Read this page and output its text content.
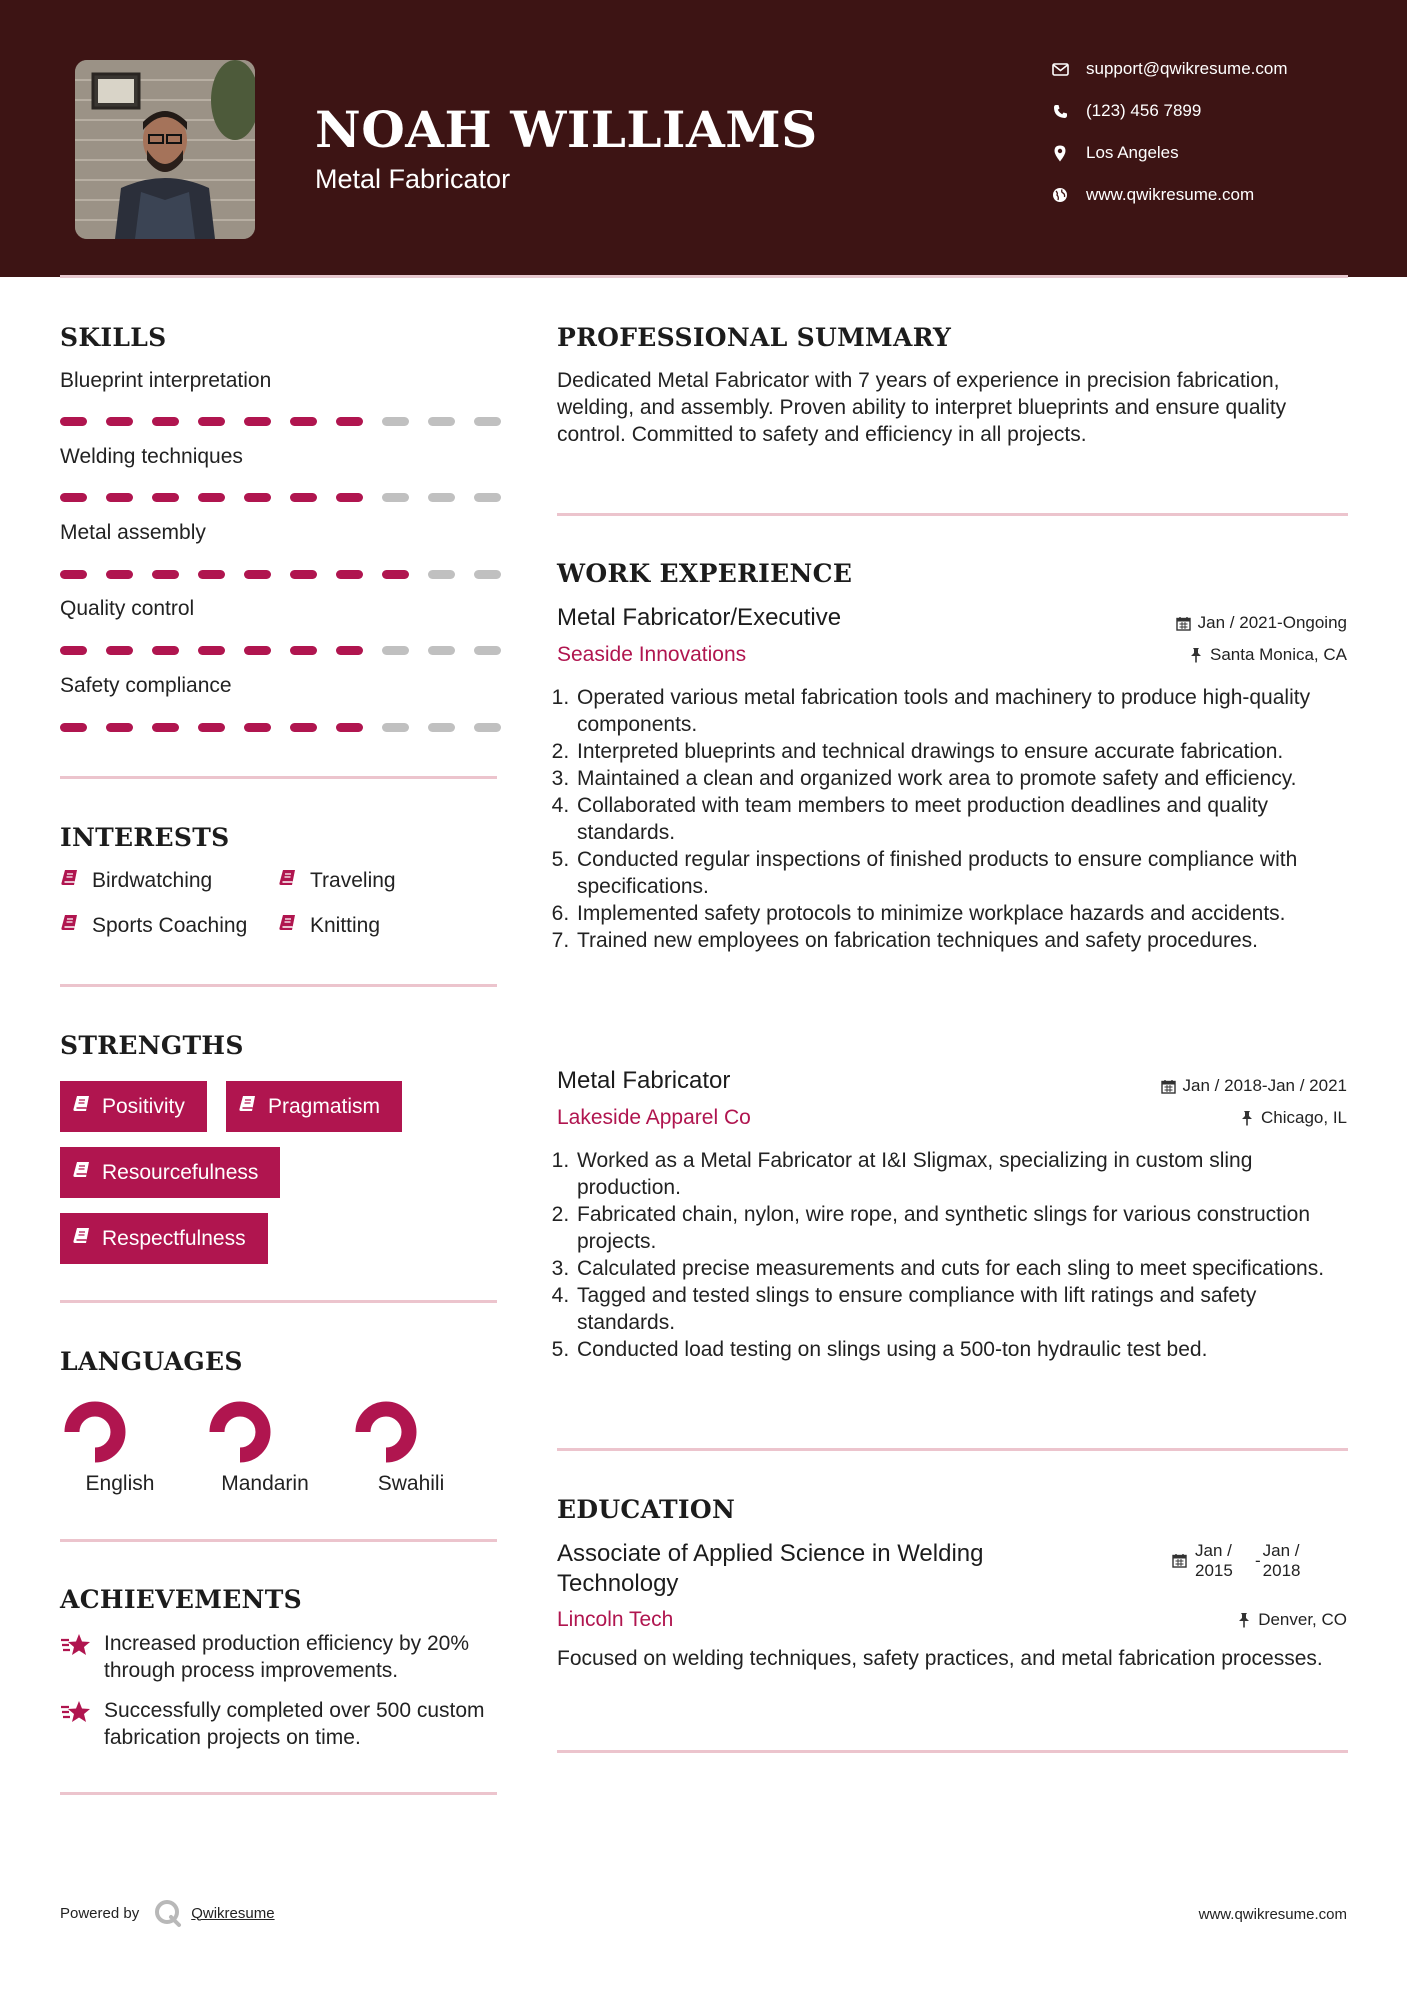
NOAH WILLIAMS
Metal Fabricator
support@qwikresume.com
(123) 456 7899
Los Angeles
www.qwikresume.com
SKILLS
Blueprint interpretation
Welding techniques
Metal assembly
Quality control
Safety compliance
INTERESTS
Birdwatching	Traveling
Sports Coaching	Knitting
STRENGTHS
Positivity	Pragmatism
Resourcefulness
Respectfulness
LANGUAGES
English	Mandarin	Swahili
ACHIEVEMENTS
Increased production efficiency by 20% through process improvements.
Successfully completed over 500 custom fabrication projects on time.
PROFESSIONAL SUMMARY
Dedicated Metal Fabricator with 7 years of experience in precision fabrication, welding, and assembly. Proven ability to interpret blueprints and ensure quality control. Committed to safety and efficiency in all projects.
WORK EXPERIENCE
Metal Fabricator/Executive	Jan / 2021-Ongoing
Seaside Innovations	Santa Monica, CA
1. Operated various metal fabrication tools and machinery to produce high-quality components.
2. Interpreted blueprints and technical drawings to ensure accurate fabrication.
3. Maintained a clean and organized work area to promote safety and efficiency.
4. Collaborated with team members to meet production deadlines and quality standards.
5. Conducted regular inspections of finished products to ensure compliance with specifications.
6. Implemented safety protocols to minimize workplace hazards and accidents.
7. Trained new employees on fabrication techniques and safety procedures.
Metal Fabricator	Jan / 2018-Jan / 2021
Lakeside Apparel Co	Chicago, IL
1. Worked as a Metal Fabricator at I&I Sligmax, specializing in custom sling production.
2. Fabricated chain, nylon, wire rope, and synthetic slings for various construction projects.
3. Calculated precise measurements and cuts for each sling to meet specifications.
4. Tagged and tested slings to ensure compliance with lift ratings and safety standards.
5. Conducted load testing on slings using a 500-ton hydraulic test bed.
EDUCATION
Associate of Applied Science in Welding Technology
Jan /
2015
-
Jan /
2018
Lincoln Tech	Denver, CO
Focused on welding techniques, safety practices, and metal fabrication processes.
Powered by	Qwikresume	www.qwikresume.com
